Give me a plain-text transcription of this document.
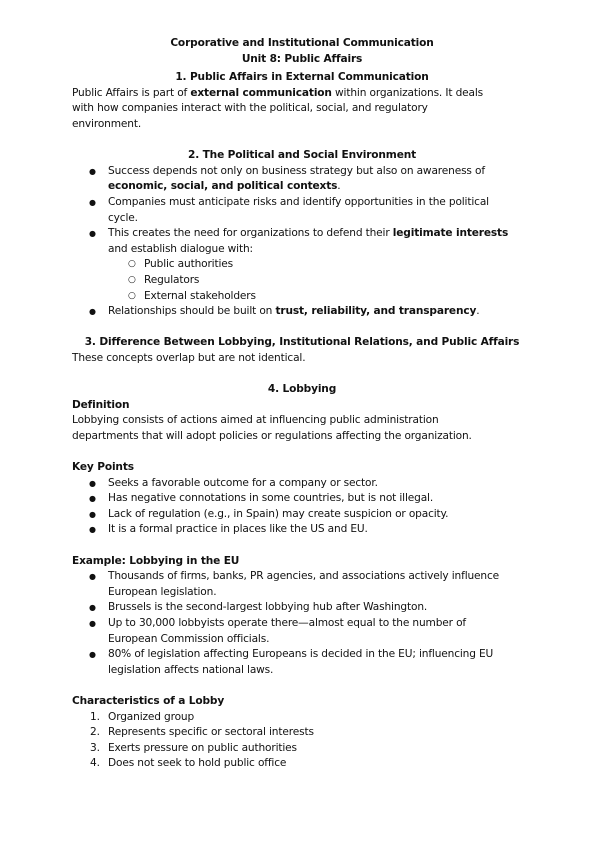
Corporative and Institutional Communication
Unit 8: Public Affairs
1. Public Affairs in External Communication
Public Affairs is part of external communication within organizations. It deals
with how companies interact with the political, social, and regulatory
environment.
2. The Political and Social Environment
● Success depends not only on business strategy but also on awareness of
economic, social, and political contexts.
● Companies must anticipate risks and identify opportunities in the political
cycle.
● This creates the need for organizations to defend their legitimate interests
and establish dialogue with:
○ Public authorities
○ Regulators
○ External stakeholders
● Relationships should be built on trust, reliability, and transparency.
3. Difference Between Lobbying, Institutional Relations, and Public Affairs
These concepts overlap but are not identical.
4. Lobbying
Definition
Lobbying consists of actions aimed at influencing public administration
departments that will adopt policies or regulations affecting the organization.
Key Points
● Seeks a favorable outcome for a company or sector.
● Has negative connotations in some countries, but is not illegal.
● Lack of regulation (e.g., in Spain) may create suspicion or opacity.
● It is a formal practice in places like the US and EU.
Example: Lobbying in the EU
● Thousands of firms, banks, PR agencies, and associations actively influence
European legislation.
● Brussels is the second-largest lobbying hub after Washington.
● Up to 30,000 lobbyists operate there—almost equal to the number of
European Commission officials.
● 80% of legislation affecting Europeans is decided in the EU; influencing EU
legislation affects national laws.
Characteristics of a Lobby
1. Organized group
2. Represents specific or sectoral interests
3. Exerts pressure on public authorities
4. Does not seek to hold public office
